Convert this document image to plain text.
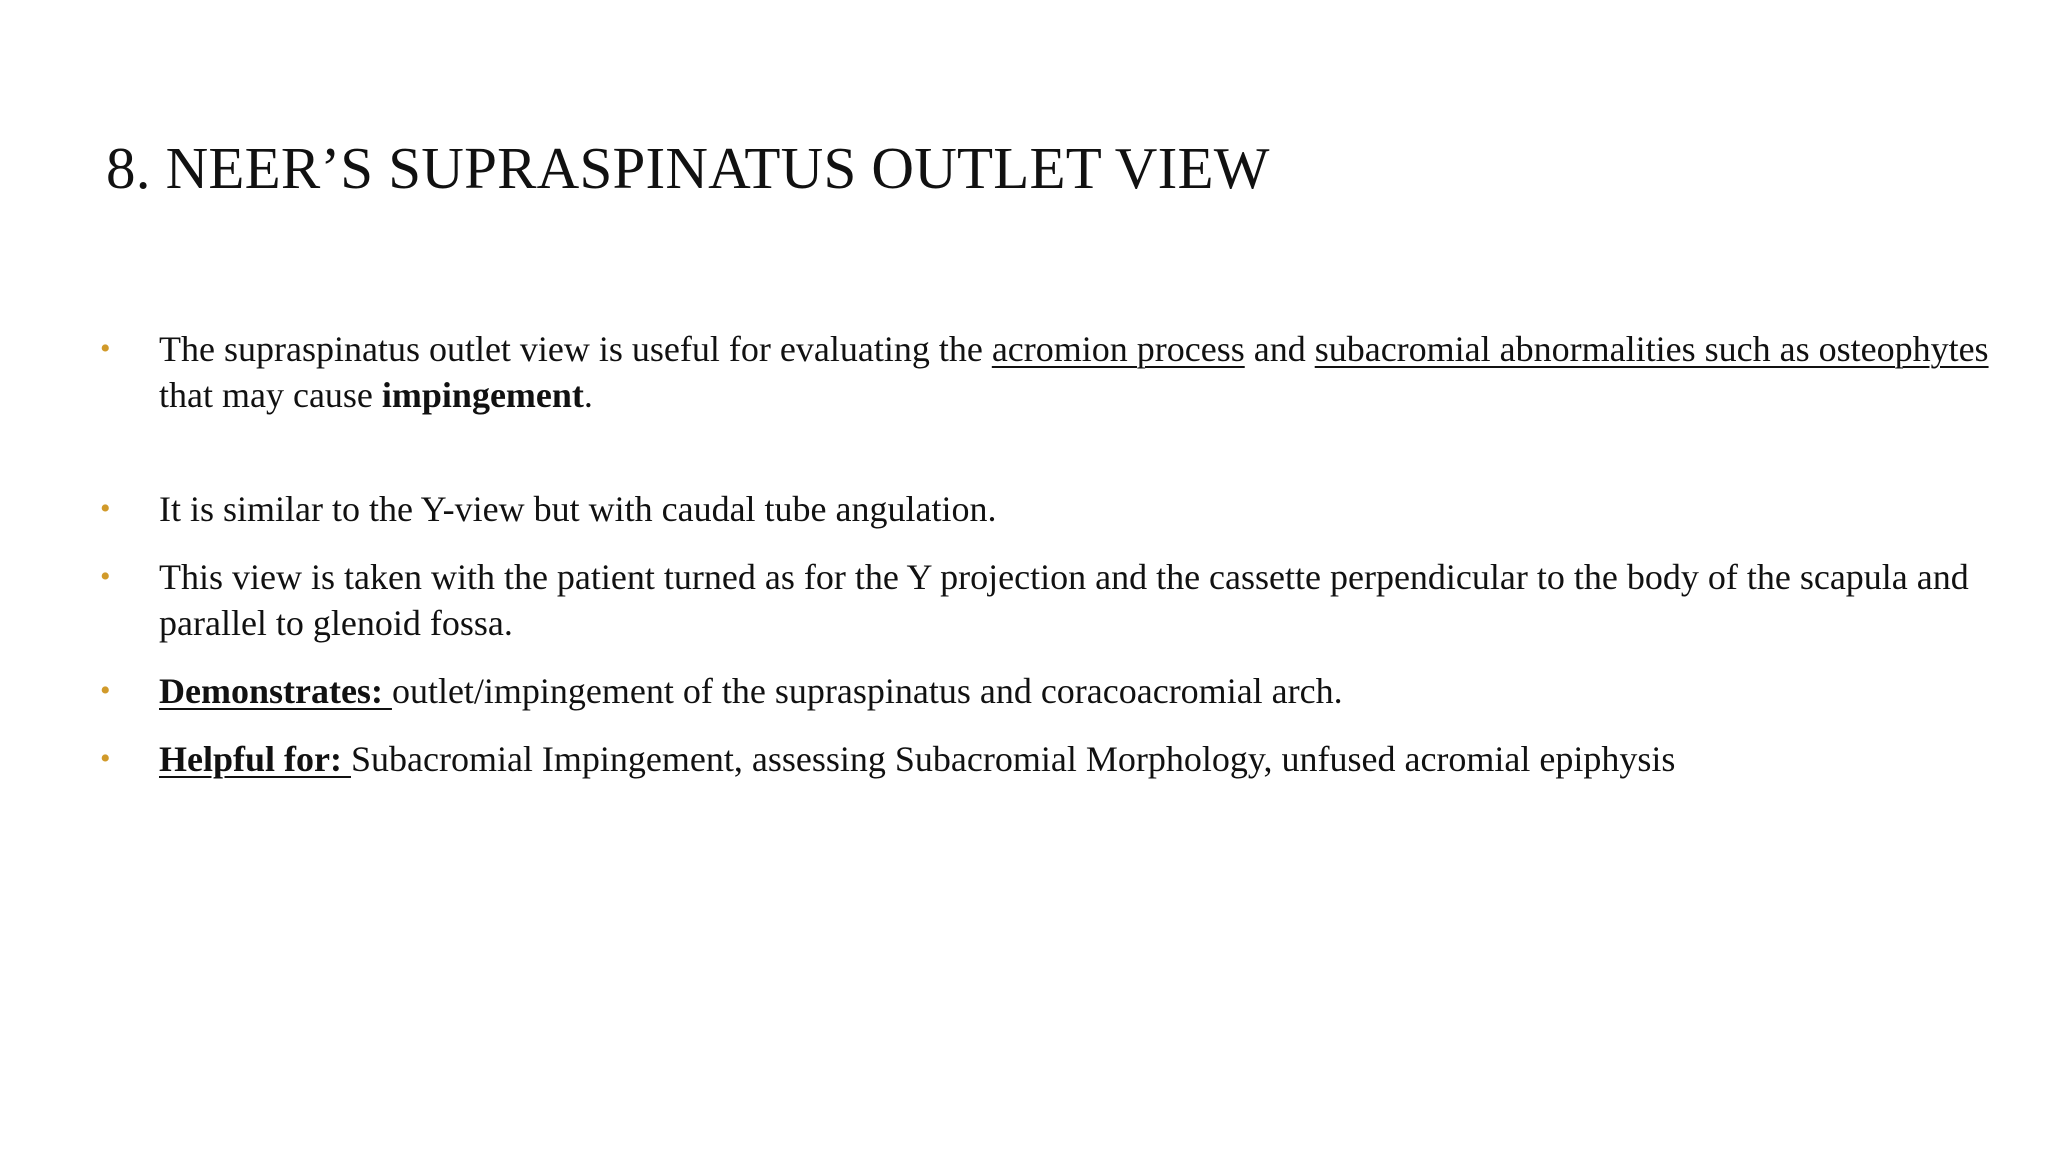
8. NEER’S SUPRASPINATUS OUTLET VIEW
• The supraspinatus outlet view is useful for evaluating the acromion process and subacromial abnormalities such as osteophytes that may cause impingement.
• It is similar to the Y-view but with caudal tube angulation.
• This view is taken with the patient turned as for the Y projection and the cassette perpendicular to the body of the scapula and parallel to glenoid fossa.
• Demonstrates: outlet/impingement of the supraspinatus and coracoacromial arch.
• Helpful for: Subacromial Impingement, assessing Subacromial Morphology, unfused acromial epiphysis
